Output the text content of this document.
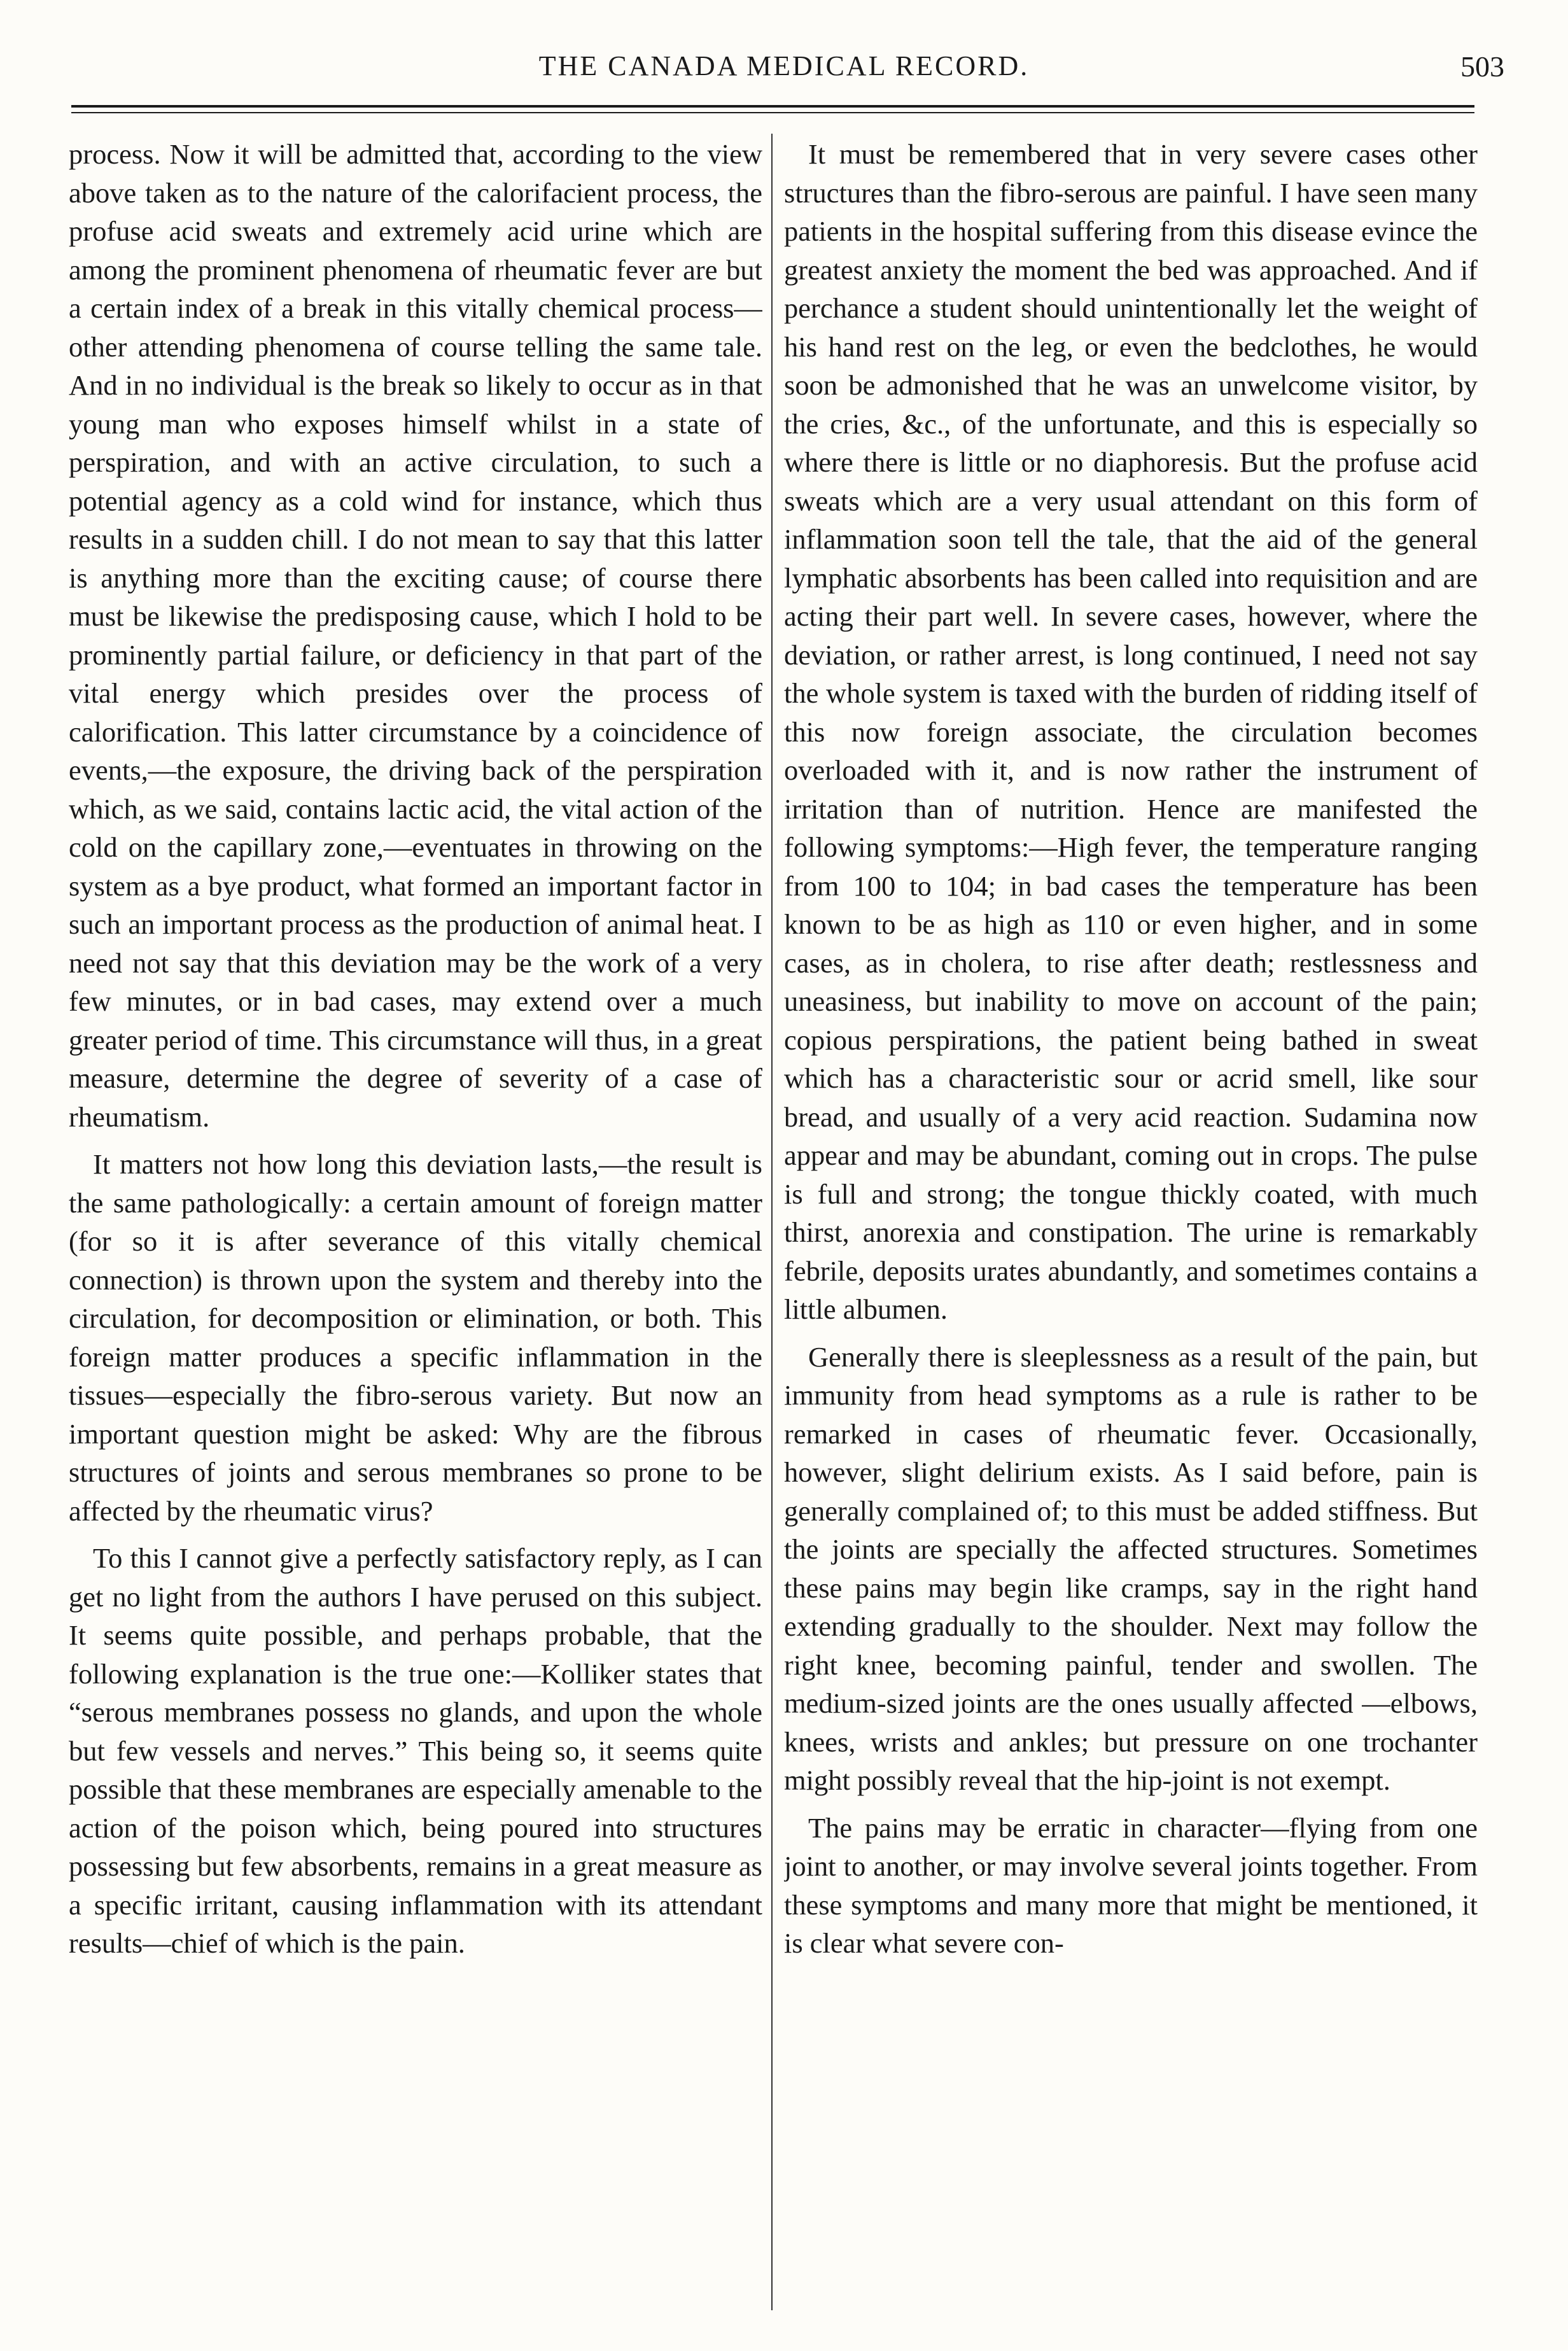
THE CANADA MEDICAL RECORD.	503

process. Now it will be admitted that, according to the view above taken as to the nature of the calorifacient process, the profuse acid sweats and extremely acid urine which are among the prominent phenomena of rheumatic fever are but a certain index of a break in this vitally chemical process—other attending phenomena of course telling the same tale. And in no individual is the break so likely to occur as in that young man who exposes himself whilst in a state of perspiration, and with an active circulation, to such a potential agency as a cold wind for instance, which thus results in a sudden chill. I do not mean to say that this latter is anything more than the exciting cause; of course there must be likewise the predisposing cause, which I hold to be prominently partial failure, or deficiency in that part of the vital energy which presides over the process of calorification. This latter circumstance by a coincidence of events,—the exposure, the driving back of the perspiration which, as we said, contains lactic acid, the vital action of the cold on the capillary zone,—eventuates in throwing on the system as a bye product, what formed an important factor in such an important process as the production of animal heat. I need not say that this deviation may be the work of a very few minutes, or in bad cases, may extend over a much greater period of time. This circumstance will thus, in a great measure, determine the degree of severity of a case of rheumatism.

It matters not how long this deviation lasts,—the result is the same pathologically: a certain amount of foreign matter (for so it is after severance of this vitally chemical connection) is thrown upon the system and thereby into the circulation, for decomposition or elimination, or both. This foreign matter produces a specific inflammation in the tissues—especially the fibro-serous variety. But now an important question might be asked: Why are the fibrous structures of joints and serous membranes so prone to be affected by the rheumatic virus?

To this I cannot give a perfectly satisfactory reply, as I can get no light from the authors I have perused on this subject. It seems quite possible, and perhaps probable, that the following explanation is the true one:—Kolliker states that “serous membranes possess no glands, and upon the whole but few vessels and nerves.” This being so, it seems quite possible that these membranes are especially amenable to the action of the poison which, being poured into structures possessing but few absorbents, remains in a great measure as a specific irritant, causing inflammation with its attendant results—chief of which is the pain.

It must be remembered that in very severe cases other structures than the fibro-serous are painful. I have seen many patients in the hospital suffering from this disease evince the greatest anxiety the moment the bed was approached. And if perchance a student should unintentionally let the weight of his hand rest on the leg, or even the bedclothes, he would soon be admonished that he was an unwelcome visitor, by the cries, &c., of the unfortunate, and this is especially so where there is little or no diaphoresis. But the profuse acid sweats which are a very usual attendant on this form of inflammation soon tell the tale, that the aid of the general lymphatic absorbents has been called into requisition and are acting their part well. In severe cases, however, where the deviation, or rather arrest, is long continued, I need not say the whole system is taxed with the burden of ridding itself of this now foreign associate, the circulation becomes overloaded with it, and is now rather the instrument of irritation than of nutrition. Hence are manifested the following symptoms:—High fever, the temperature ranging from 100 to 104; in bad cases the temperature has been known to be as high as 110 or even higher, and in some cases, as in cholera, to rise after death; restlessness and uneasiness, but inability to move on account of the pain; copious perspirations, the patient being bathed in sweat which has a characteristic sour or acrid smell, like sour bread, and usually of a very acid reaction. Sudamina now appear and may be abundant, coming out in crops. The pulse is full and strong; the tongue thickly coated, with much thirst, anorexia and constipation. The urine is remarkably febrile, deposits urates abundantly, and sometimes contains a little albumen.

Generally there is sleeplessness as a result of the pain, but immunity from head symptoms as a rule is rather to be remarked in cases of rheumatic fever. Occasionally, however, slight delirium exists. As I said before, pain is generally complained of; to this must be added stiffness. But the joints are specially the affected structures. Sometimes these pains may begin like cramps, say in the right hand extending gradually to the shoulder. Next may follow the right knee, becoming painful, tender and swollen. The medium-sized joints are the ones usually affected —elbows, knees, wrists and ankles; but pressure on one trochanter might possibly reveal that the hip-joint is not exempt.

The pains may be erratic in character—flying from one joint to another, or may involve several joints together. From these symptoms and many more that might be mentioned, it is clear what severe con-
